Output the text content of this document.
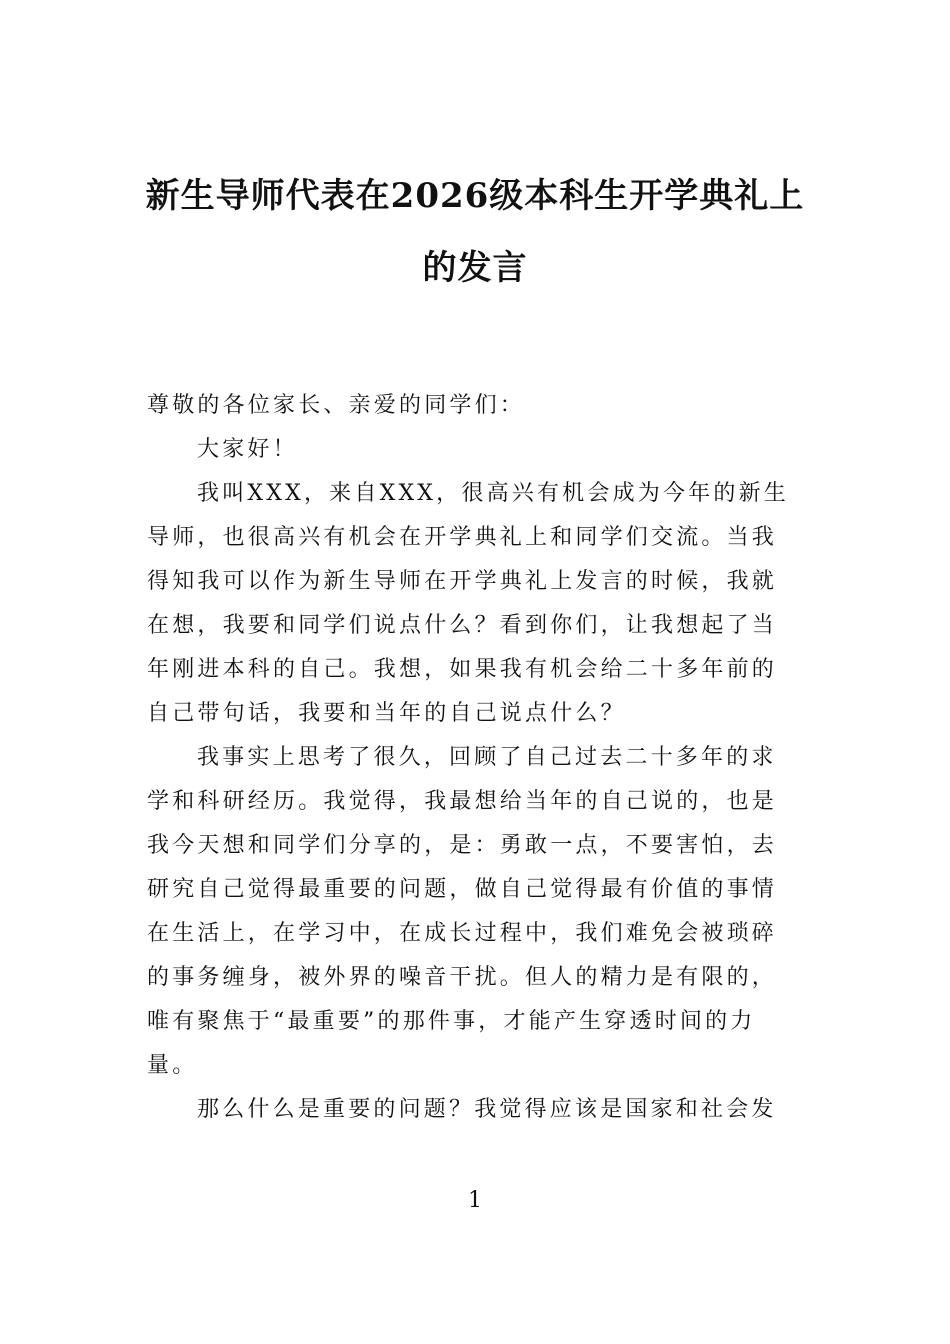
新生导师代表在2026级本科生开学典礼上
的发言
尊敬的各位家长、亲爱的同学们：
大家好！
我叫XXX，来自XXX，很高兴有机会成为今年的新生
导师，也很高兴有机会在开学典礼上和同学们交流。当我
得知我可以作为新生导师在开学典礼上发言的时候，我就
在想，我要和同学们说点什么？看到你们，让我想起了当
年刚进本科的自己。我想，如果我有机会给二十多年前的
自己带句话，我要和当年的自己说点什么？
我事实上思考了很久，回顾了自己过去二十多年的求
学和科研经历。我觉得，我最想给当年的自己说的，也是
我今天想和同学们分享的，是：勇敢一点，不要害怕，去
研究自己觉得最重要的问题，做自己觉得最有价值的事情
在生活上，在学习中，在成长过程中，我们难免会被琐碎
的事务缠身，被外界的噪音干扰。但人的精力是有限的，
唯有聚焦于“最重要”的那件事，才能产生穿透时间的力
量。
那么什么是重要的问题？我觉得应该是国家和社会发
1
